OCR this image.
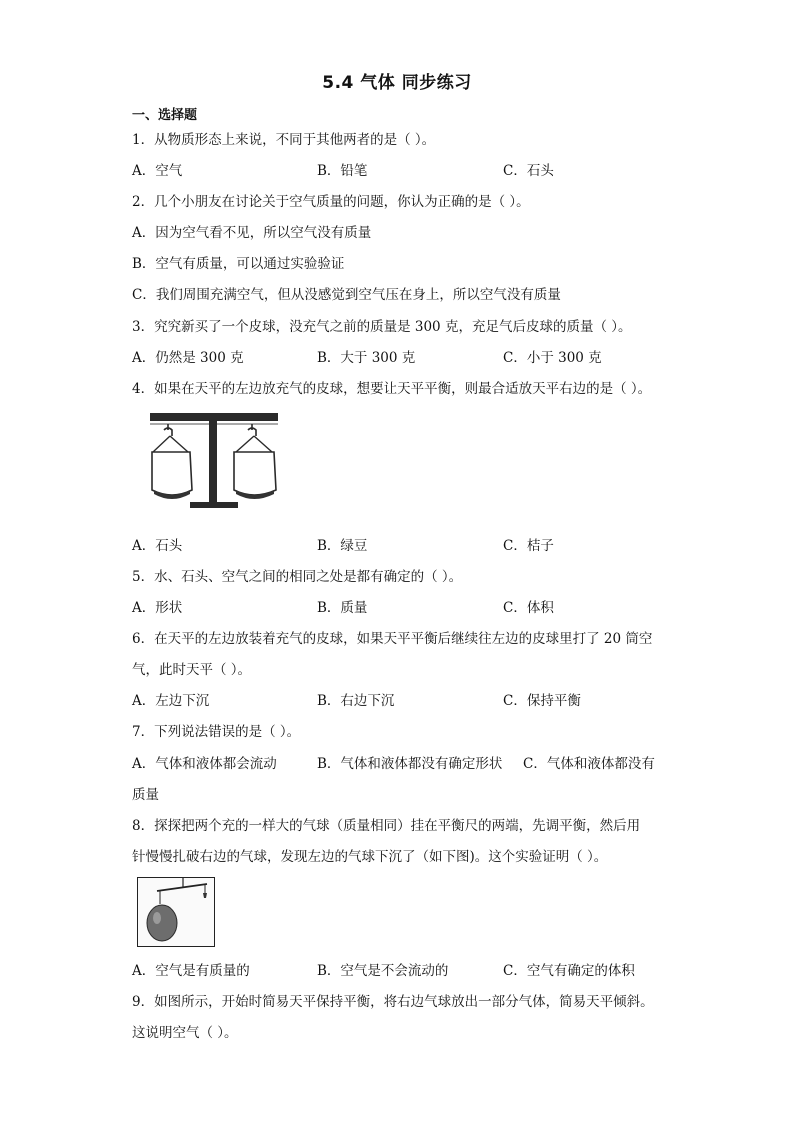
5.4 气体 同步练习
一、选择题
1．从物质形态上来说，不同于其他两者的是（ ）。
A．空气	B．铅笔	C．石头
2．几个小朋友在讨论关于空气质量的问题，你认为正确的是（ ）。
A．因为空气看不见，所以空气没有质量
B．空气有质量，可以通过实验验证
C．我们周围充满空气，但从没感觉到空气压在身上，所以空气没有质量
3．究究新买了一个皮球，没充气之前的质量是 300 克，充足气后皮球的质量（ ）。
A．仍然是 300 克	B．大于 300 克	C．小于 300 克
4．如果在天平的左边放充气的皮球，想要让天平平衡，则最合适放天平右边的是（ ）。
A．石头	B．绿豆	C．桔子
5．水、石头、空气之间的相同之处是都有确定的（ ）。
A．形状	B．质量	C．体积
6．在天平的左边放装着充气的皮球，如果天平平衡后继续往左边的皮球里打了 20 筒空
气，此时天平（ ）。
A．左边下沉	B．右边下沉	C．保持平衡
7．下列说法错误的是（ ）。
A．气体和液体都会流动	B．气体和液体都没有确定形状 C．气体和液体都没有
质量
8．探探把两个充的一样大的气球（质量相同）挂在平衡尺的两端，先调平衡，然后用
针慢慢扎破右边的气球，发现左边的气球下沉了（如下图)。这个实验证明（ ）。
A．空气是有质量的	B．空气是不会流动的	C．空气有确定的体积
9．如图所示，开始时简易天平保持平衡，将右边气球放出一部分气体，简易天平倾斜。
这说明空气（ ）。
